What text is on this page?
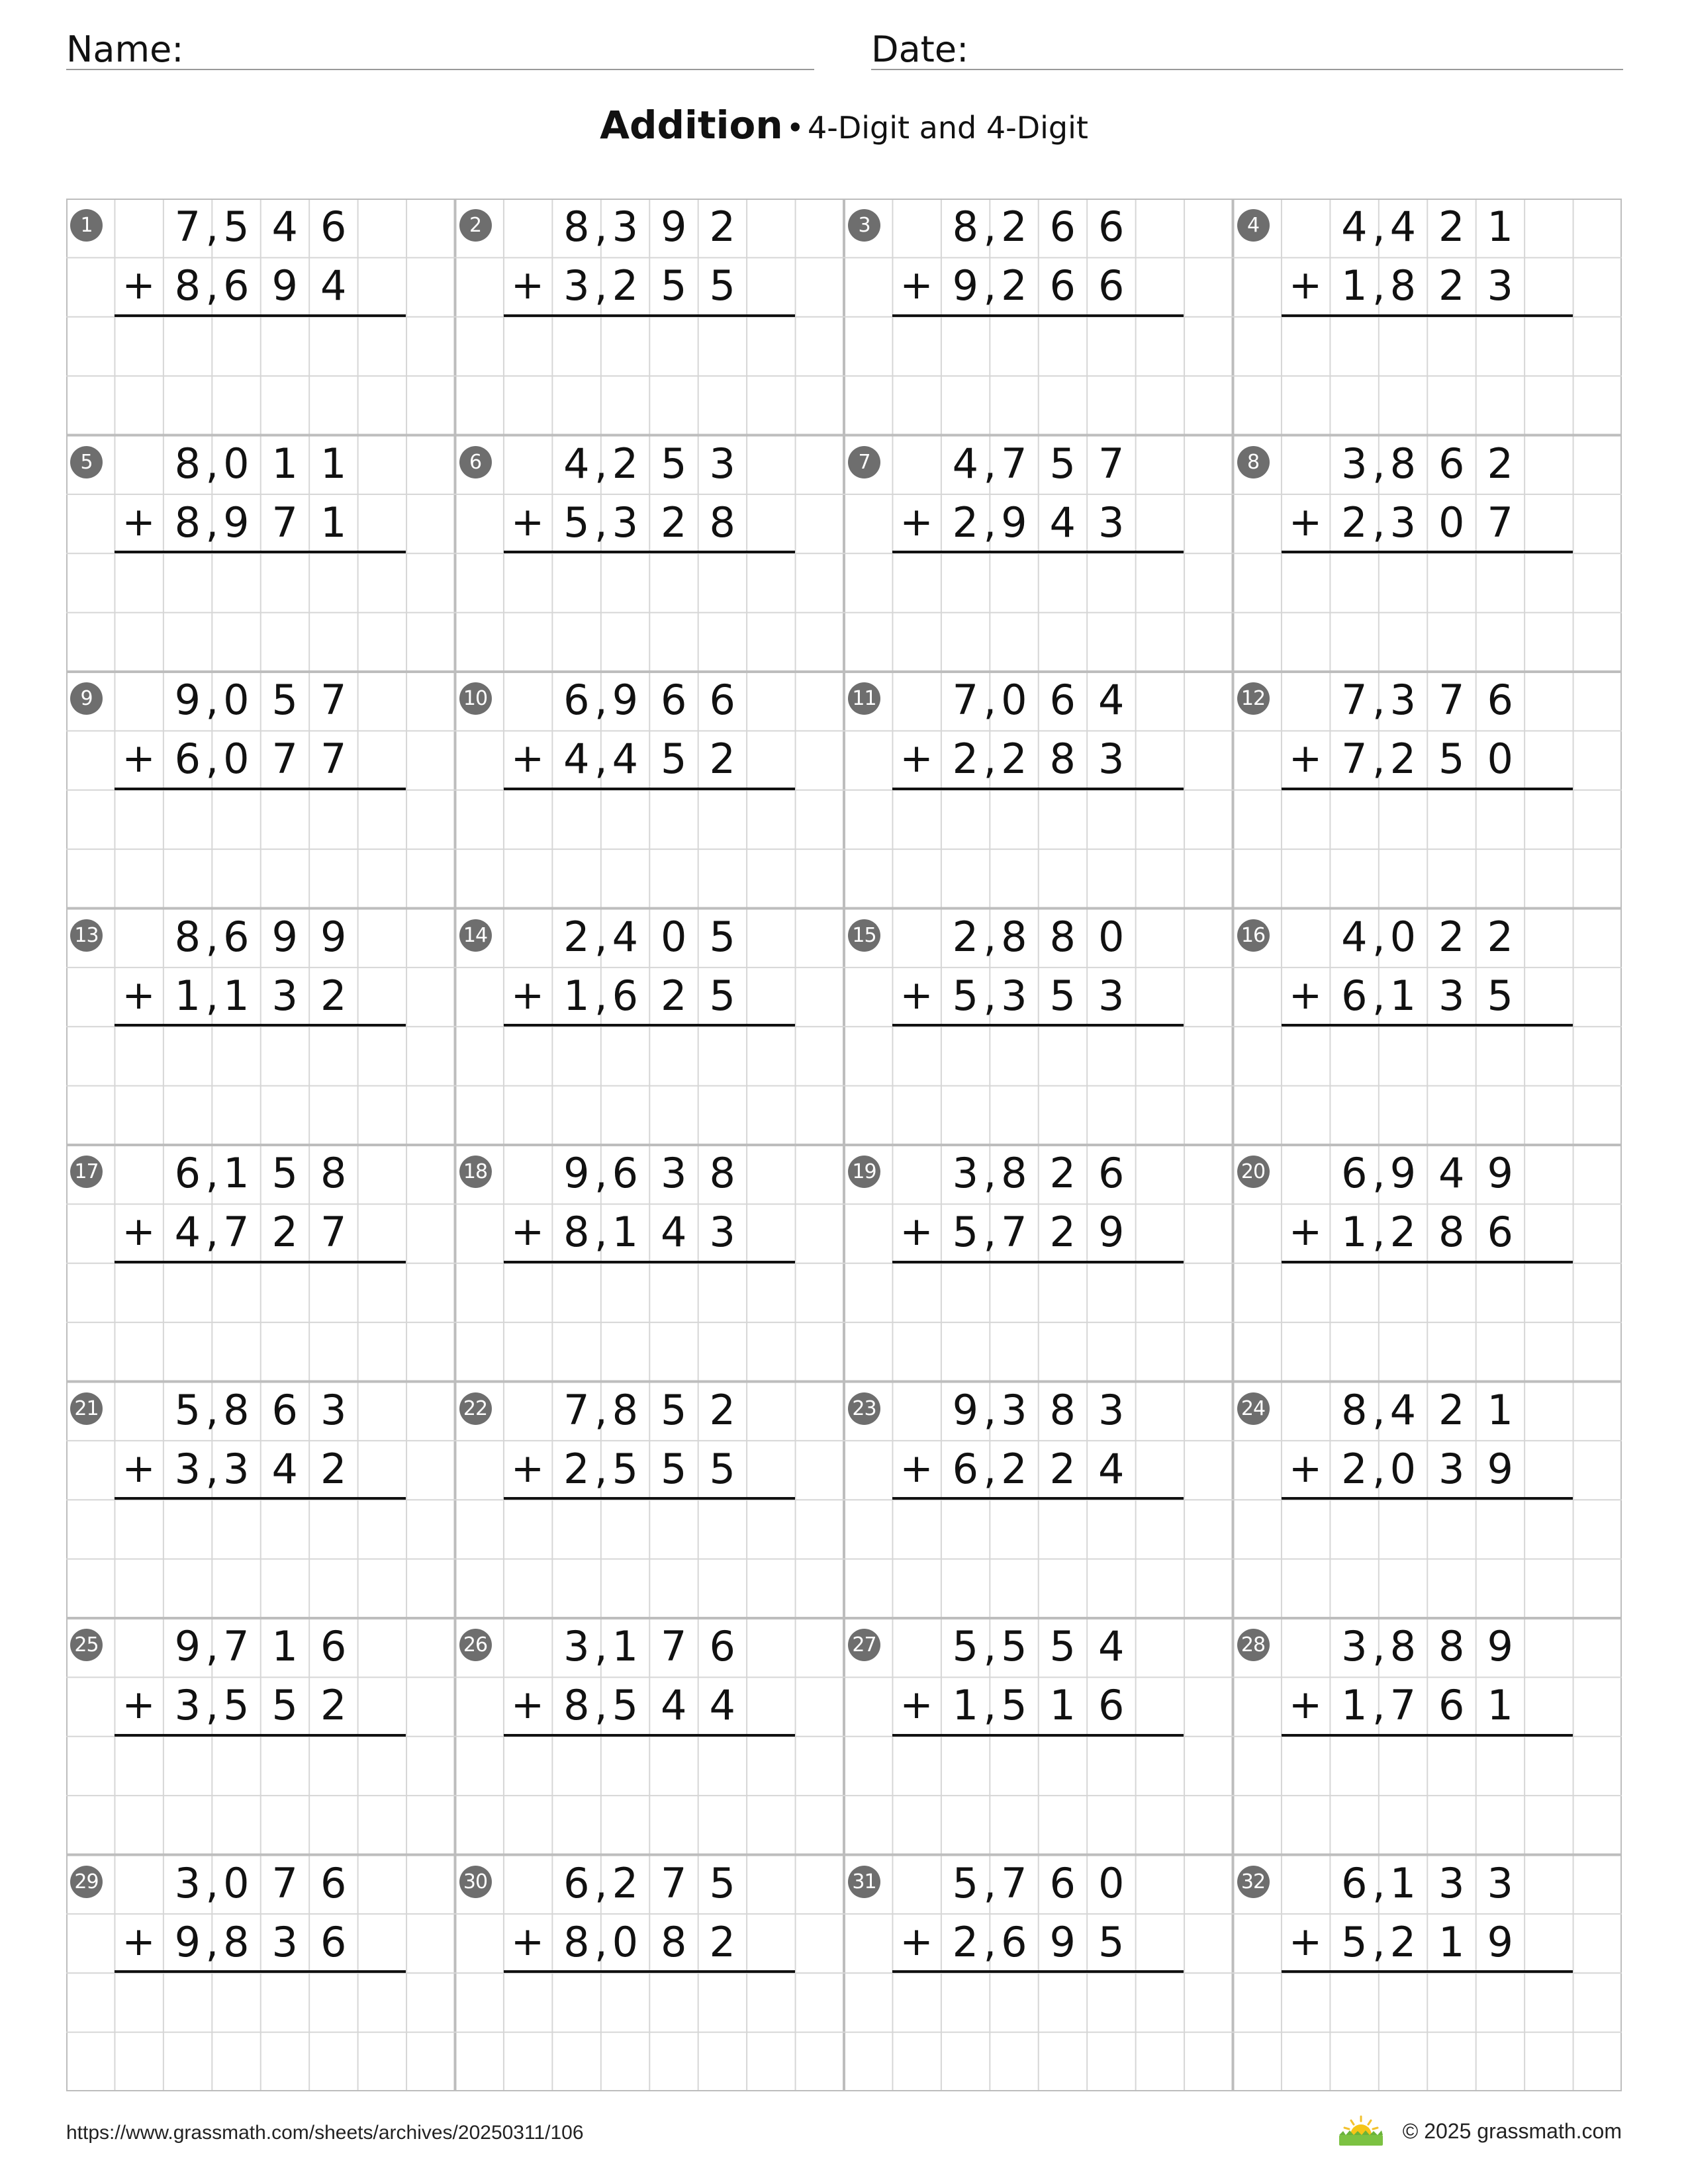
Name:	Date:
Addition • 4-Digit and 4-Digit
1 7 5 4 6
,
8 6 9 4
,
+
2 8 3 9 2
,
3 2 5 5
,
+
3 8 2 6 6
,
9 2 6 6
,
+
4 4 4 2 1
,
1 8 2 3
,
+
5 8 0 1 1
,
8 9 7 1
,
+
6 4 2 5 3
,
5 3 2 8
,
+
7 4 7 5 7
,
2 9 4 3
,
+
8 3 8 6 2
,
2 3 0 7
,
+
9 9 0 5 7
,
6 0 7 7
,
+
10 6 9 6 6
,
4 4 5 2
,
+
11 7 0 6 4
,
2 2 8 3
,
+
12 7 3 7 6
,
7 2 5 0
,
+
13 8 6 9 9
,
1 1 3 2
,
+
14 2 4 0 5
,
1 6 2 5
,
+
15 2 8 8 0
,
5 3 5 3
,
+
16 4 0 2 2
,
6 1 3 5
,
+
17 6 1 5 8
,
4 7 2 7
,
+
18 9 6 3 8
,
8 1 4 3
,
+
19 3 8 2 6
,
5 7 2 9
,
+
20 6 9 4 9
,
1 2 8 6
,
+
21 5 8 6 3
,
3 3 4 2
,
+
22 7 8 5 2
,
2 5 5 5
,
+
23 9 3 8 3
,
6 2 2 4
,
+
24 8 4 2 1
,
2 0 3 9
,
+
25 9 7 1 6
,
3 5 5 2
,
+
26 3 1 7 6
,
8 5 4 4
,
+
27 5 5 5 4
,
1 5 1 6
,
+
28 3 8 8 9
,
1 7 6 1
,
+
29 3 0 7 6
,
9 8 3 6
,
+
30 6 2 7 5
,
8 0 8 2
,
+
31 5 7 6 0
,
2 6 9 5
,
+
32 6 1 3 3
,
5 2 1 9
,
+
https://www.grassmath.com/sheets/archives/20250311/106	© 2025 grassmath.com
